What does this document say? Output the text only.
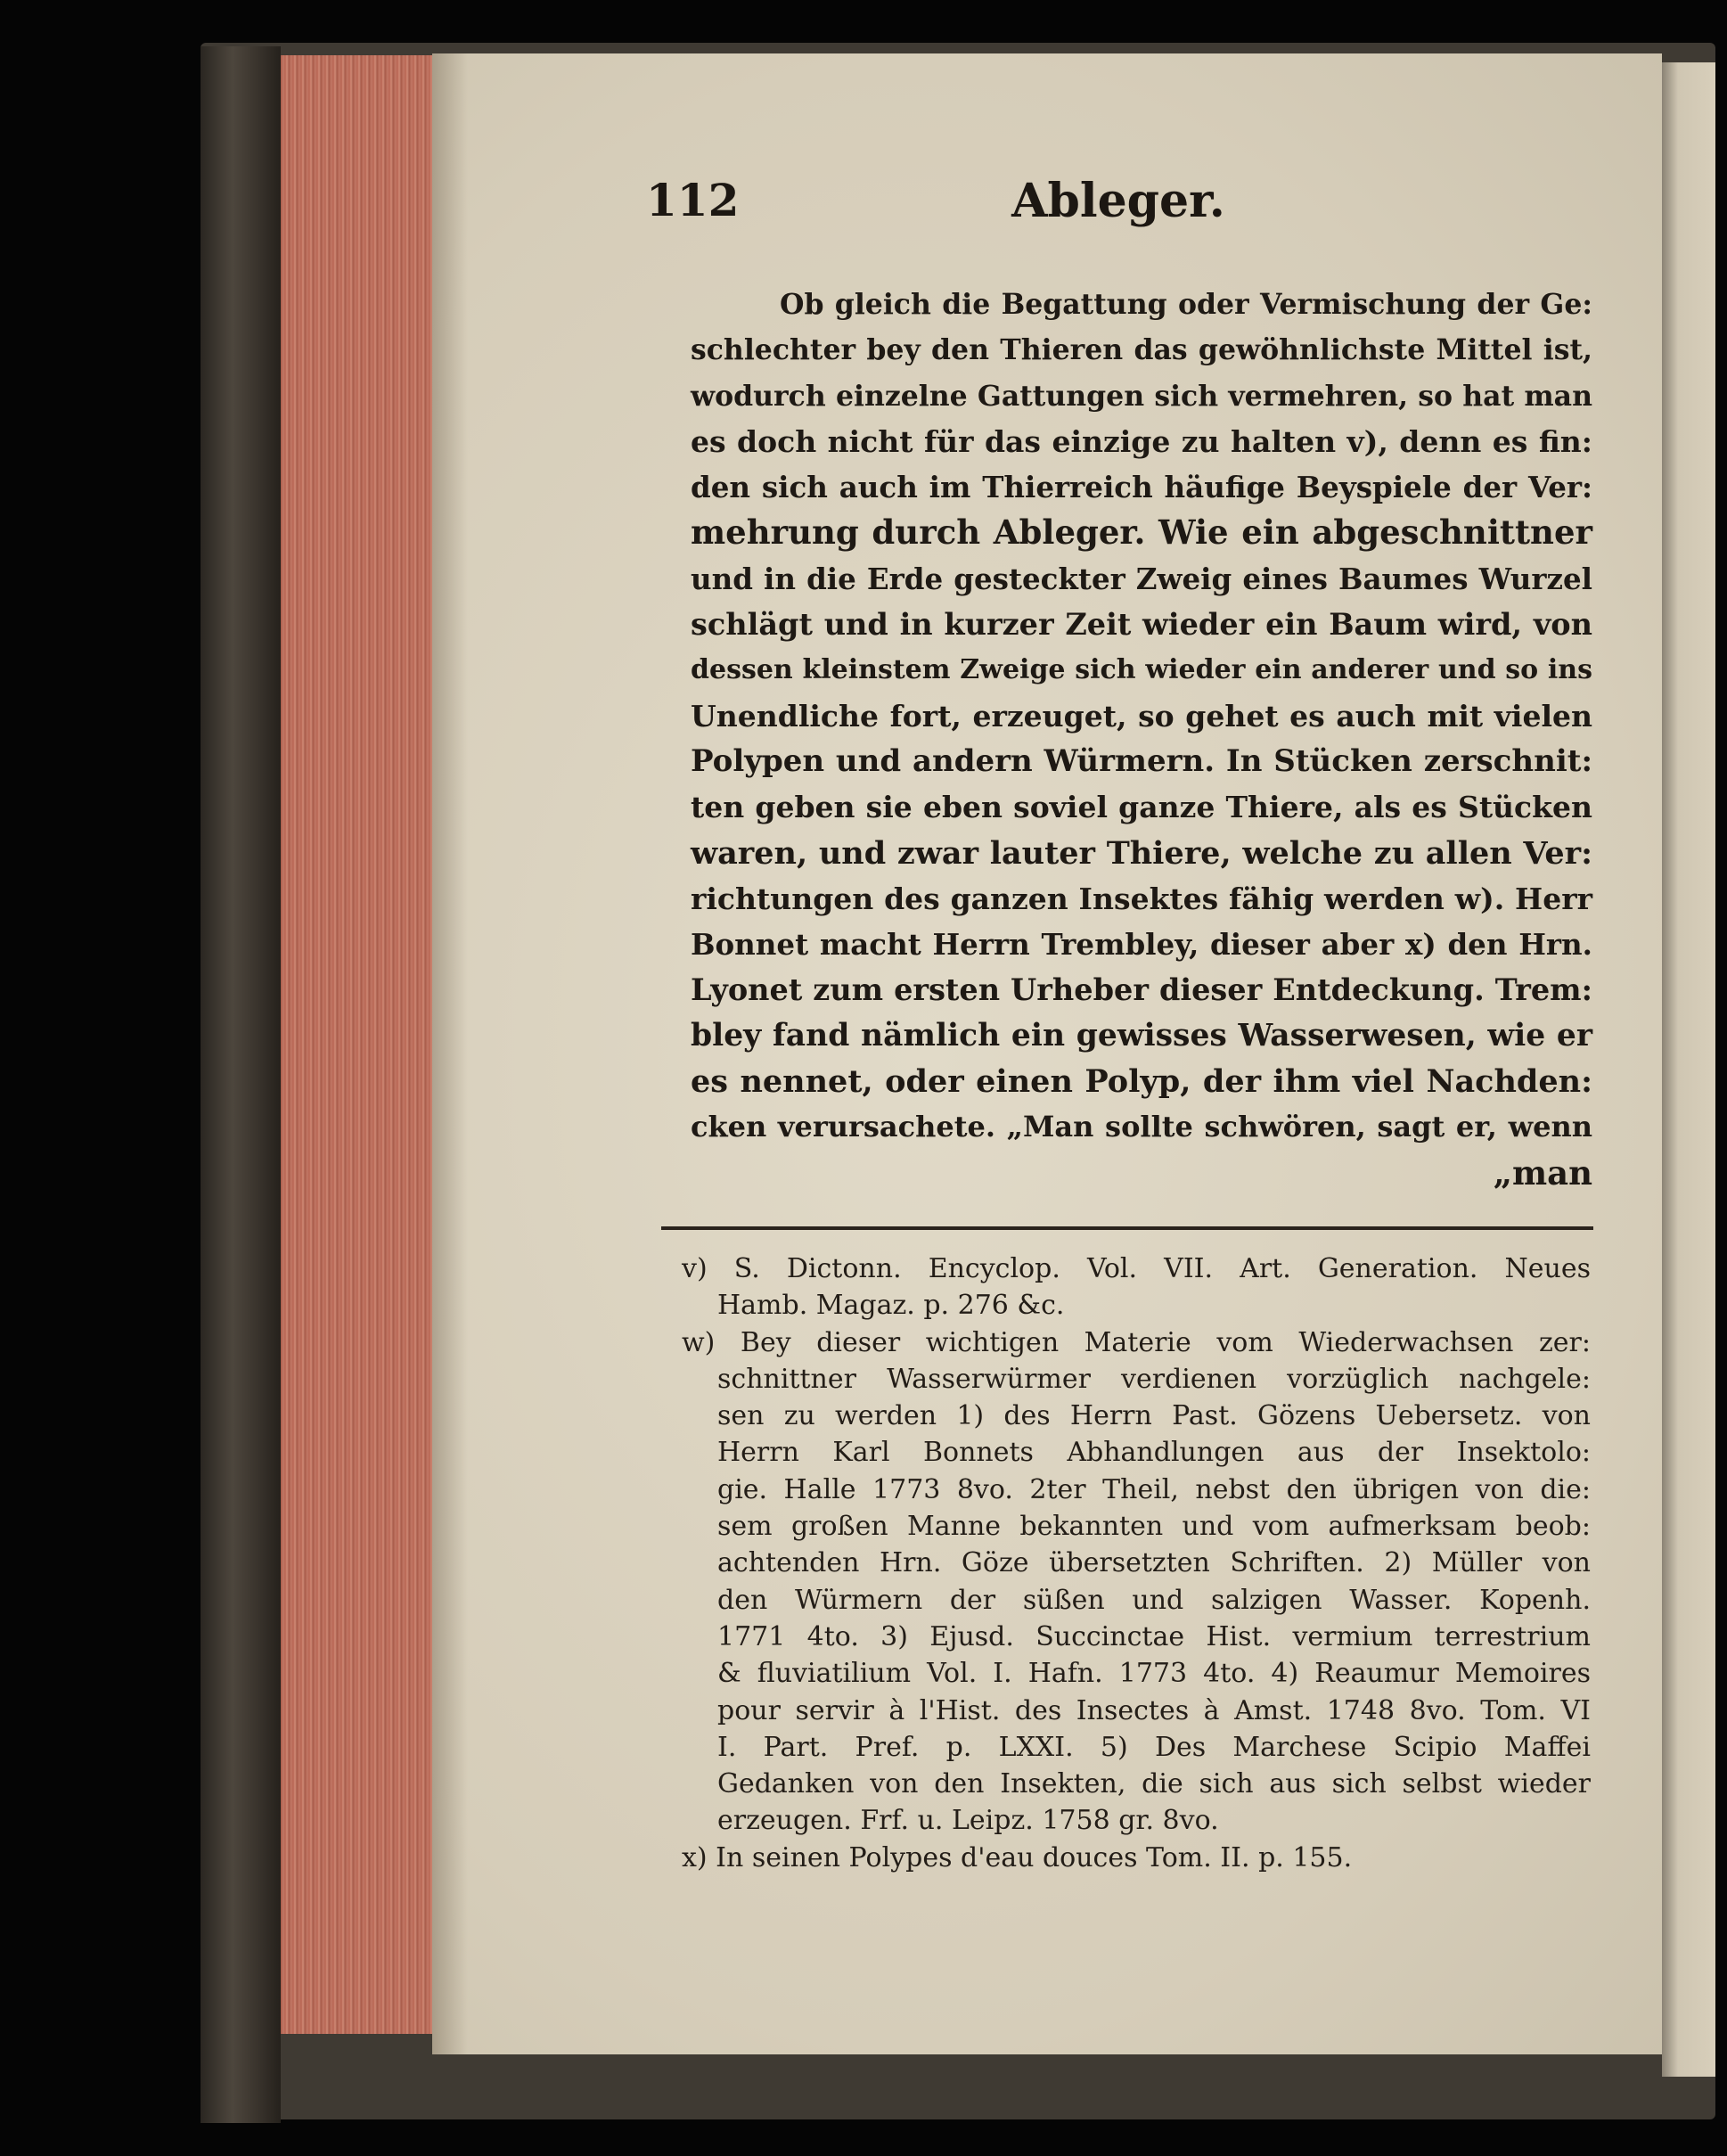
Ableger.
112
Ob gleich die Begattung oder Vermischung der Ge:
schlechter bey den Thieren das gewöhnlichste Mittel ist,
wodurch einzelne Gattungen sich vermehren, so hat man
es doch nicht für das einzige zu halten v), denn es fin:
den sich auch im Thierreich häufige Beyspiele der Ver:
mehrung durch Ableger. Wie ein abgeschnittner
und in die Erde gesteckter Zweig eines Baumes Wurzel
schlägt und in kurzer Zeit wieder ein Baum wird, von
dessen kleinstem Zweige sich wieder ein anderer und so ins
Unendliche fort, erzeuget, so gehet es auch mit vielen
Polypen und andern Würmern. In Stücken zerschnit:
ten geben sie eben soviel ganze Thiere, als es Stücken
waren, und zwar lauter Thiere, welche zu allen Ver:
richtungen des ganzen Insektes fähig werden w). Herr
Bonnet macht Herrn Trembley, dieser aber x) den Hrn.
Lyonet zum ersten Urheber dieser Entdeckung. Trem:
bley fand nämlich ein gewisses Wasserwesen, wie er
es nennet, oder einen Polyp, der ihm viel Nachden:
cken verursachete. „Man sollte schwören, sagt er, wenn
„man
v) S. Dictonn. Encyclop. Vol. VII. Art. Generation. Neues
Hamb. Magaz. p. 276 &c.
w) Bey dieser wichtigen Materie vom Wiederwachsen zer:
schnittner Wasserwürmer verdienen vorzüglich nachgele:
sen zu werden 1) des Herrn Past. Gözens Uebersetz. von
Herrn Karl Bonnets Abhandlungen aus der Insektolo:
gie. Halle 1773 8vo. 2ter Theil, nebst den übrigen von die:
sem großen Manne bekannten und vom aufmerksam beob:
achtenden Hrn. Göze übersetzten Schriften. 2) Müller von
den Würmern der süßen und salzigen Wasser. Kopenh.
1771 4to. 3) Ejusd. Succinctae Hist. vermium terrestrium
& fluviatilium Vol. I. Hafn. 1773 4to. 4) Reaumur Memoires
pour servir à l'Hist. des Insectes à Amst. 1748 8vo. Tom. VI
I. Part. Pref. p. LXXI. 5) Des Marchese Scipio Maffei
Gedanken von den Insekten, die sich aus sich selbst wieder
erzeugen. Frf. u. Leipz. 1758 gr. 8vo.
x) In seinen Polypes d'eau douces Tom. II. p. 155.
